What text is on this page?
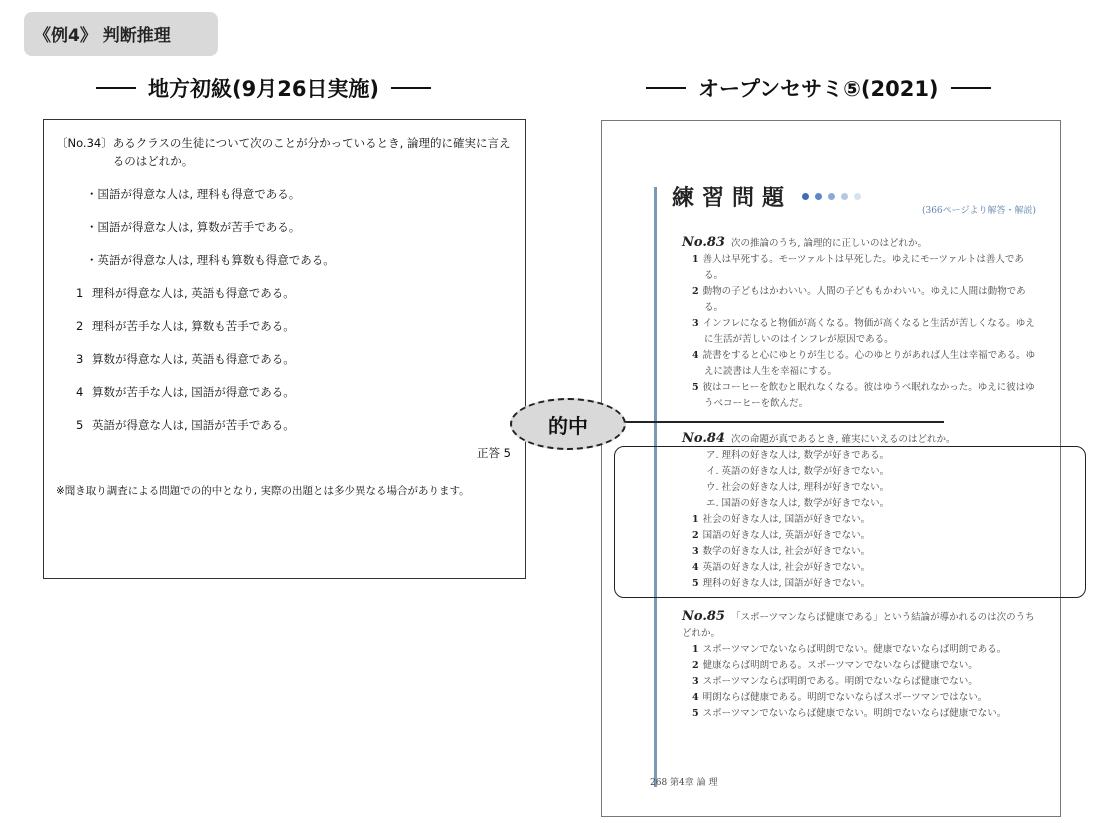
《例4》 判断推理
地方初級(9月26日実施)	オープンセサミ⑤(2021)
〔No.34〕 あるクラスの生徒について次のことが分かっているとき, 論理的に確実に言えるのはどれか。
・国語が得意な人は, 理科も得意である。
・国語が得意な人は, 算数が苦手である。
・英語が得意な人は, 理科も算数も得意である。
1 理科が得意な人は, 英語も得意である。
2 理科が苦手な人は, 算数も苦手である。
3 算数が得意な人は, 英語も得意である。
4 算数が苦手な人は, 国語が得意である。
5 英語が得意な人は, 国語が苦手である。
正答 5
※聞き取り調査による問題での的中となり, 実際の出題とは多少異なる場合があります。
練習問題	(366ページより解答・解説)
No.83 次の推論のうち, 論理的に正しいのはどれか。
1 善人は早死する。モーツァルトは早死した。ゆえにモーツァルトは善人である。
2 動物の子どもはかわいい。人間の子どももかわいい。ゆえに人間は動物である。
3 インフレになると物価が高くなる。物価が高くなると生活が苦しくなる。ゆえに生活が苦しいのはインフレが原因である。
4 読書をすると心にゆとりが生じる。心のゆとりがあれば人生は幸福である。ゆえに読書は人生を幸福にする。
5 彼はコーヒーを飲むと眠れなくなる。彼はゆうべ眠れなかった。ゆえに彼はゆうべコーヒーを飲んだ。
No.84 次の命題が真であるとき, 確実にいえるのはどれか。
ア. 理科の好きな人は, 数学が好きである。
イ. 英語の好きな人は, 数学が好きでない。
ウ. 社会の好きな人は, 理科が好きでない。
エ. 国語の好きな人は, 数学が好きでない。
1 社会の好きな人は, 国語が好きでない。
2 国語の好きな人は, 英語が好きでない。
3 数学の好きな人は, 社会が好きでない。
4 英語の好きな人は, 社会が好きでない。
5 理科の好きな人は, 国語が好きでない。
No.85 「スポーツマンならば健康である」という結論が導かれるのは次のうちどれか。
1 スポーツマンでないならば明朗でない。健康でないならば明朗である。
2 健康ならば明朗である。スポーツマンでないならば健康でない。
3 スポーツマンならば明朗である。明朗でないならば健康でない。
4 明朗ならば健康である。明朗でないならばスポーツマンではない。
5 スポーツマンでないならば健康でない。明朗でないならば健康でない。
268 第4章 論 理
的中
